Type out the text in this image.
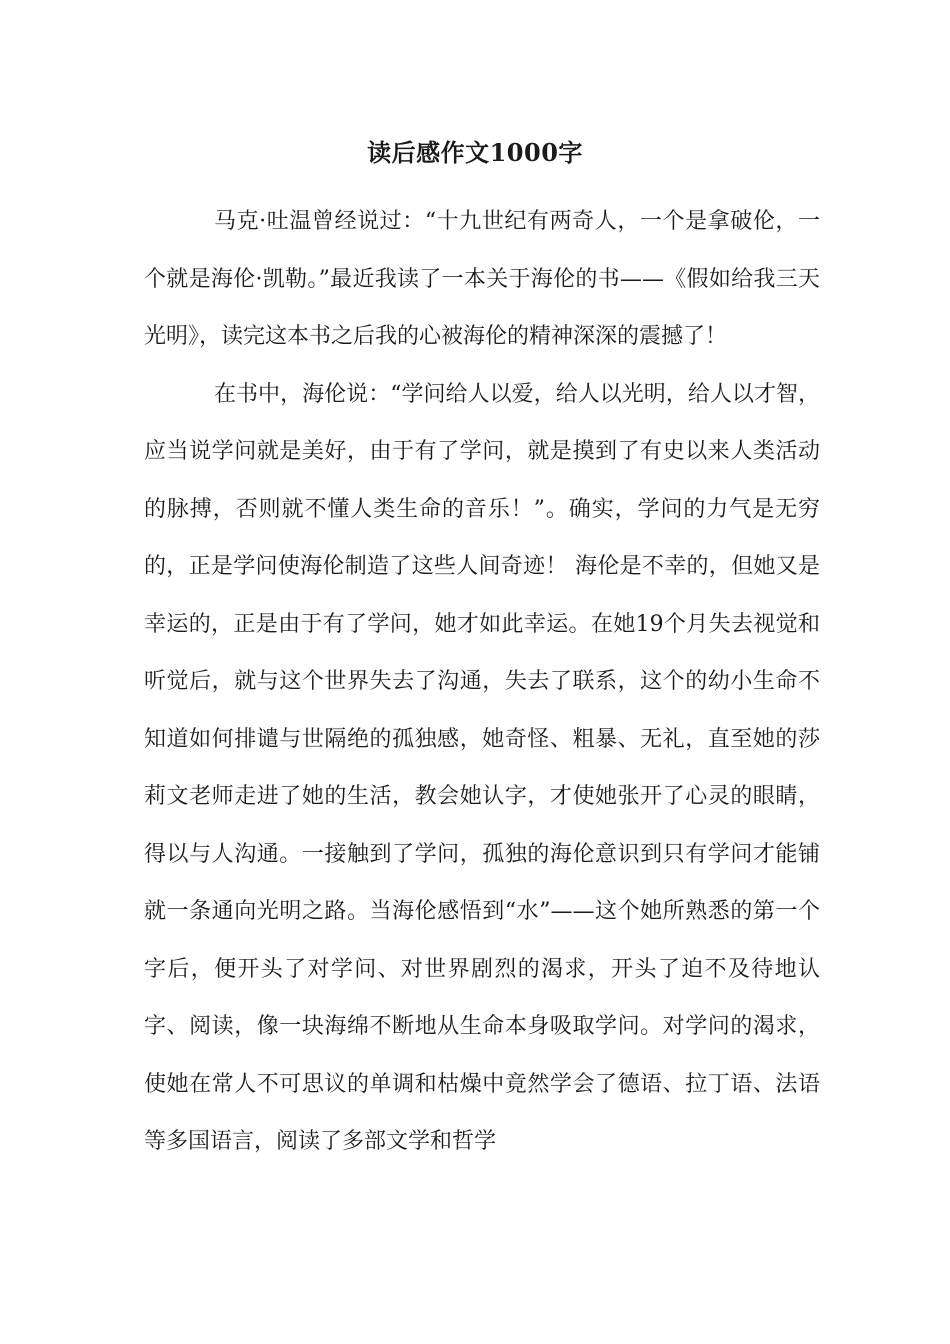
读后感作文1000字

马克·吐温曾经说过：“十九世纪有两奇人，一个是拿破伦，一个就是海伦·凯勒。”最近我读了一本关于海伦的书——《假如给我三天光明》，读完这本书之后我的心被海伦的精神深深的震撼了！

在书中，海伦说：“学问给人以爱，给人以光明，给人以才智，应当说学问就是美好，由于有了学问，就是摸到了有史以来人类活动的脉搏，否则就不懂人类生命的音乐！”。确实，学问的力气是无穷的，正是学问使海伦制造了这些人间奇迹！ 海伦是不幸的，但她又是幸运的，正是由于有了学问，她才如此幸运。在她19个月失去视觉和听觉后，就与这个世界失去了沟通，失去了联系，这个的幼小生命不知道如何排谴与世隔绝的孤独感，她奇怪、粗暴、无礼，直至她的莎莉文老师走进了她的生活，教会她认字，才使她张开了心灵的眼睛，得以与人沟通。一接触到了学问，孤独的海伦意识到只有学问才能铺就一条通向光明之路。当海伦感悟到“水”——这个她所熟悉的第一个字后，便开头了对学问、对世界剧烈的渴求，开头了迫不及待地认字、阅读，像一块海绵不断地从生命本身吸取学问。对学问的渴求，使她在常人不可思议的单调和枯燥中竟然学会了德语、拉丁语、法语等多国语言，阅读了多部文学和哲学
